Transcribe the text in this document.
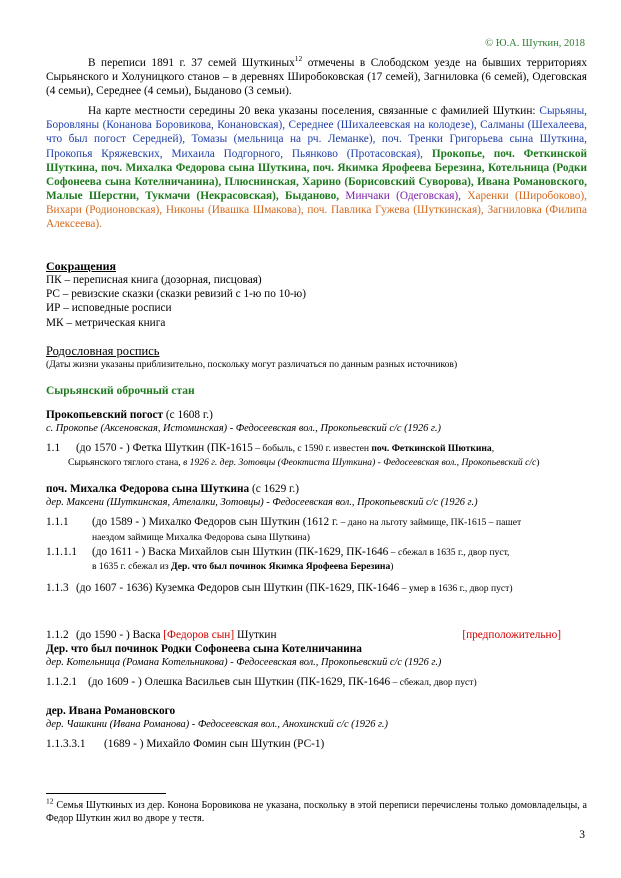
© Ю.А. Шуткин, 2018

В переписи 1891 г. 37 семей Шуткиных$^{12}$ отмечены в Слободском уезде на бывших территориях Сырьянского и Холуницкого станов – в деревнях Широбоковская (17 семей), Загниловка (6 семей), Одеговская (4 семьи), Середнее (4 семьи), Быданово (3 семьи).

На карте местности середины 20 века указаны поселения, связанные с фамилией Шуткин: Сырьяны, Боровляны (Конанова Боровикова, Конановская), Середнее (Шихалеевская на колодезе), Салманы (Шехалеева, что был погост Середней), Томазы (мельница на рч. Леманке), поч. Тренки Григорьева сына Шуткина, Прокопья Кряжевских, Михаила Подгорного, Пьянково (Протасовская), Прокопье, поч. Феткинской Шуткина, поч. Михалка Федорова сына Шуткина, поч. Якимка Ярофеева Березина, Котельница (Родки Софонеева сына Котелничанина), Плюснинская, Харино (Борисовский Суворова), Ивана Романовского, Малые Шерстни, Тукмачи (Некрасовская), Быданово, Минчаки (Одеговская), Харенки (Широбоково), Вихари (Родионовская), Никоны (Ивашка Шмакова), поч. Павлика Гужева (Шуткинская), Загниловка (Филипа Алексеева).

Сокращения
ПК – переписная книга (дозорная, писцовая)
РС – ревизские сказки (сказки ревизий с 1-ю по 10-ю)
ИР – исповедные росписи
МК – метрическая книга
Родословная роспись
(Даты жизни указаны приблизительно, поскольку могут различаться по данным разных источников)
Сырьянский оброчный стан
Прокопьевский погост (с 1608 г.)
с. Прокопье (Аксеновская, Истоминская) - Федосеевская вол., Прокопьевский с/с (1926 г.)
1.1 (до 1570 - ) Фетка Шуткин (ПК-1615 – бобыль, с 1590 г. известен поч. Феткинской Шюткина,
Сырьянского тяглого стана, в 1926 г. дер. Зотовцы (Феоктиста Шуткина) - Федосеевская вол., Прокопьевский с/с)
поч. Михалка Федорова сына Шуткина (с 1629 г.)
дер. Максени (Шуткинская, Ателалки, Зотовцы) - Федосеевская вол., Прокопьевский с/с (1926 г.)
1.1.1 (до 1589 - ) Михалко Федоров сын Шуткин (1612 г. – дано на льготу займище, ПК-1615 – пашет
наездом займище Михалка Федорова сына Шуткина)
1.1.1.1 (до 1611 - ) Васка Михайлов сын Шуткин (ПК-1629, ПК-1646 – сбежал в 1635 г., двор пуст,
в 1635 г. сбежал из Дер. что был починок Якимка Ярофеева Березина)
1.1.3 (до 1607 - 1636) Куземка Федоров сын Шуткин (ПК-1629, ПК-1646 – умер в 1636 г., двор пуст)
1.1.2 (до 1590 - ) Васка [Федоров сын] Шуткин	[предположительно]
Дер. что был починок Родки Софонеева сына Котелничанина
дер. Котельница (Романа Котельникова) - Федосеевская вол., Прокопьевский с/с (1926 г.)
1.1.2.1 (до 1609 - ) Олешка Васильев сын Шуткин (ПК-1629, ПК-1646 – сбежал, двор пуст)
дер. Ивана Романовского
дер. Чашкини (Ивана Романова) - Федосеевская вол., Анохинский с/с (1926 г.)
1.1.3.3.1 (1689 - ) Михайло Фомин сын Шуткин (РС-1)
$^{12}$ Семья Шуткиных из дер. Конона Боровикова не указана, поскольку в этой переписи перечислены только домовладельцы, а Федор Шуткин жил во дворе у тестя.
3
